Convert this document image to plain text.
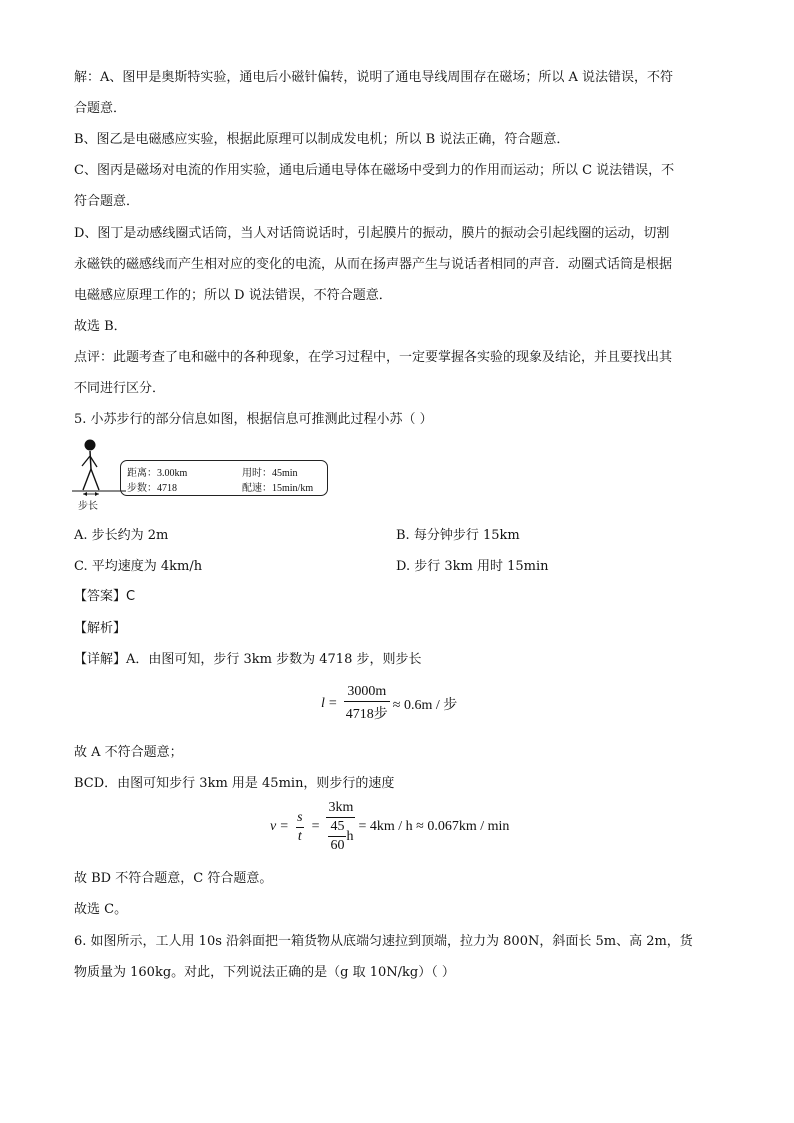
解：A、图甲是奥斯特实验，通电后小磁针偏转，说明了通电导线周围存在磁场；所以 A 说法错误，不符
合题意．
B、图乙是电磁感应实验，根据此原理可以制成发电机；所以 B 说法正确，符合题意．
C、图丙是磁场对电流的作用实验，通电后通电导体在磁场中受到力的作用而运动；所以 C 说法错误，不
符合题意．
D、图丁是动感线圈式话筒，当人对话筒说话时，引起膜片的振动，膜片的振动会引起线圈的运动，切割
永磁铁的磁感线而产生相对应的变化的电流，从而在扬声器产生与说话者相同的声音．动圈式话筒是根据
电磁感应原理工作的；所以 D 说法错误，不符合题意．
故选 B．
点评：此题考查了电和磁中的各种现象，在学习过程中，一定要掌握各实验的现象及结论，并且要找出其
不同进行区分．
5. 小苏步行的部分信息如图，根据信息可推测此过程小苏（ ）
步长
距离：3.00km	用时：45min
步数：4718	配速：15min/km
A. 步长约为 2m	B. 每分钟步行 15km
C. 平均速度为 4km/h	D. 步行 3km 用时 15min
【答案】C
【解析】
【详解】A．由图可知，步行 3km 步数为 4718 步，则步长
$l = \frac{3000m}{\text{4718步}} \approx 0.6m$ / 步
故 A 不符合题意；
BCD．由图可知步行 3km 用是 45min，则步行的速度
$v = \frac{s}{t} = \frac{3km}{\frac{45}{60} h} = 4km / h \approx 0.067km / \min$
故 BD 不符合题意，C 符合题意。
故选 C。
6. 如图所示，工人用 10s 沿斜面把一箱货物从底端匀速拉到顶端，拉力为 800N，斜面长 5m、高 2m，货
物质量为 160kg。对此，下列说法正确的是（g 取 10N/kg）（ ）
